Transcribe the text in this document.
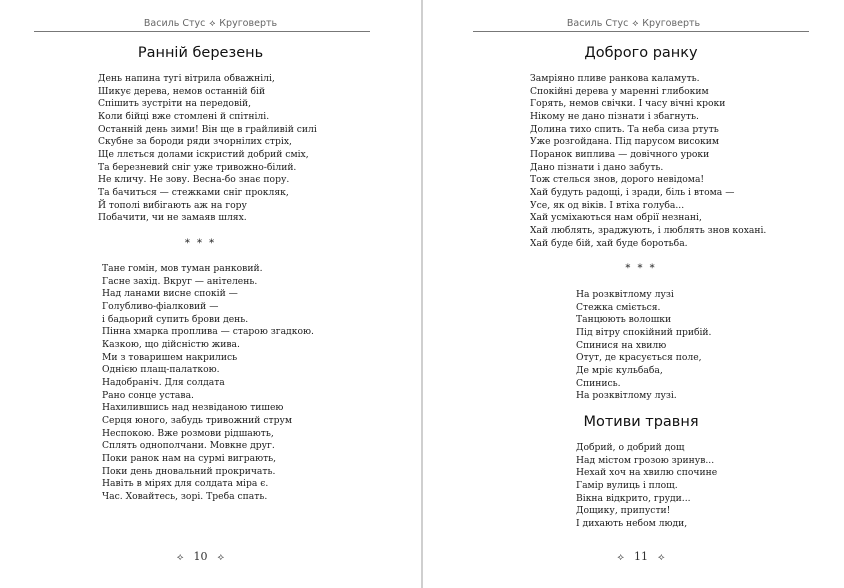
Василь Стус ⟡ Круговерть
Ранній березень
День напина тугі вітрила обважнілі,
Шикує дерева, немов останній бій
Спішить зустріти на передовій,
Коли бійці вже стомлені й спітнілі.
Останній день зими! Він ще в грайливій силі
Скубне за бороди ряди зчорнілих стріх,
Ще ллється долами іскристий добрий сміх,
Та березневий сніг уже тривожно-білий.
Не кличу. Не зову. Весна-бо знає пору.
Та бачиться — стежками сніг прокляк,
Й тополі вибігають аж на гору
Побачити, чи не замаяв шлях.
* * *
Тане гомін, мов туман ранковий.
Гасне захід. Вкруг — анітелень.
Над ланами висне спокій —
Голубливо-фіалковий —
і бадьорий супить брови день.
Пінна хмарка проплива — старою згадкою.
Казкою, що дійсністю жива.
Ми з товаришем накрились
Однією плащ-палаткою.
Надобраніч. Для солдата
Рано сонце устава.
Нахилившись над незвіданою тишею
Серця юного, забудь тривожний струм
Неспокою. Вже розмови рідшають,
Сплять однополчани. Мовкне друг.
Поки ранок нам на сурмі виграють,
Поки день дновальний прокричать.
Навіть в мірях для солдата міра є.
Час. Ховайтесь, зорі. Треба спать.
⟡ 10 ⟡
Василь Стус ⟡ Круговерть
Доброго ранку
Замріяно пливе ранкова каламуть.
Спокійні дерева у мареннi глибоким
Горять, немов свічки. І часу вічні кроки
Нікому не дано пізнати і збагнуть.
Долина тихо спить. Та неба сиза ртуть
Уже розгойдана. Під парусом високим
Поранок випливa — довічного уроки
Дано пізнати і дано забуть.
Тож стелься знов, дорого невідома!
Хай будуть радощі, і зради, біль і втома —
Усе, як од віків. І втіха голуба...
Хай усміхаються нам обрії незнані,
Хай люблять, зраджують, і люблять знов кохані.
Хай буде бій, хай буде боротьба.
* * *
На розквітлому лузі
Стежка сміється.
Танцюють волошки
Під вітру спокійний прибій.
Спинися на хвилю
Отут, де красується поле,
Де мріє кульбаба,
Спинись.
На розквітлому лузі.
Мотиви травня
Добрий, о добрий дощ
Над містом грозою зринув...
Нехай хоч на хвилю спочине
Гамір вулиць і площ.
Вікна відкрито, груди...
Дощику, припусти!
І дихають небом люди,
⟡ 11 ⟡
